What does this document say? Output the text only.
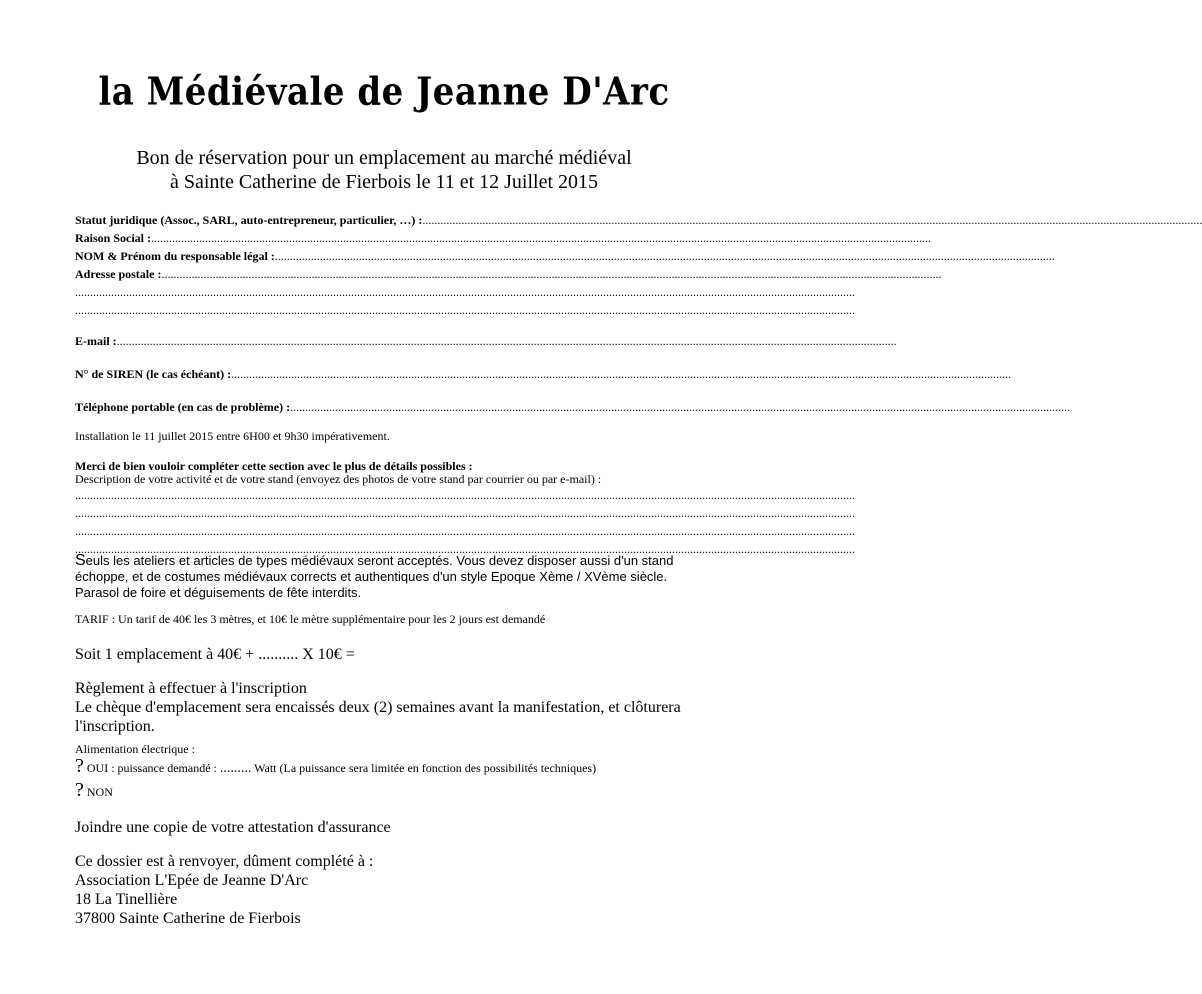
la Médiévale de Jeanne D'Arc
Bon de réservation pour un emplacement au marché médiéval
à Sainte Catherine de Fierbois le 11 et 12 Juillet 2015
Statut juridique (Assoc., SARL, auto-entrepreneur, particulier, …) :....................................................................................................................................................................................................................................................................
Raison Social :....................................................................................................................................................................................................................................................................
NOM & Prénom du responsable légal :....................................................................................................................................................................................................................................................................
Adresse postale :....................................................................................................................................................................................................................................................................
....................................................................................................................................................................................................................................................................
....................................................................................................................................................................................................................................................................
E-mail :....................................................................................................................................................................................................................................................................
N° de SIREN (le cas échéant) :....................................................................................................................................................................................................................................................................
Téléphone portable (en cas de problème) :....................................................................................................................................................................................................................................................................
Installation le 11 juillet 2015 entre 6H00 et 9h30 impérativement.
Merci de bien vouloir compléter cette section avec le plus de détails possibles :
Description de votre activité et de votre stand (envoyez des photos de votre stand par courrier ou par e-mail) :
....................................................................................................................................................................................................................................................................
....................................................................................................................................................................................................................................................................
....................................................................................................................................................................................................................................................................
....................................................................................................................................................................................................................................................................
Seuls les ateliers et articles de types médiévaux seront acceptés. Vous devez disposer aussi d'un stand échoppe, et de costumes médiévaux corrects et authentiques d'un style Epoque Xème / XVème siècle. Parasol de foire et déguisements de fête interdits.
TARIF : Un tarif de 40€ les 3 mètres, et 10€ le mètre supplémentaire pour les 2 jours est demandé
Soit 1 emplacement à 40€ + .......... X 10€ =
Règlement à effectuer à l'inscription
Le chèque d'emplacement sera encaissés deux (2) semaines avant la manifestation, et clôturera l'inscription.
Alimentation électrique :
? OUI : puissance demandé : ......... Watt (La puissance sera limitée en fonction des possibilités techniques)
? NON
Joindre une copie de votre attestation d'assurance
Ce dossier est à renvoyer, dûment complété à :
Association L'Epée de Jeanne D'Arc
18 La Tinellière
37800 Sainte Catherine de Fierbois
